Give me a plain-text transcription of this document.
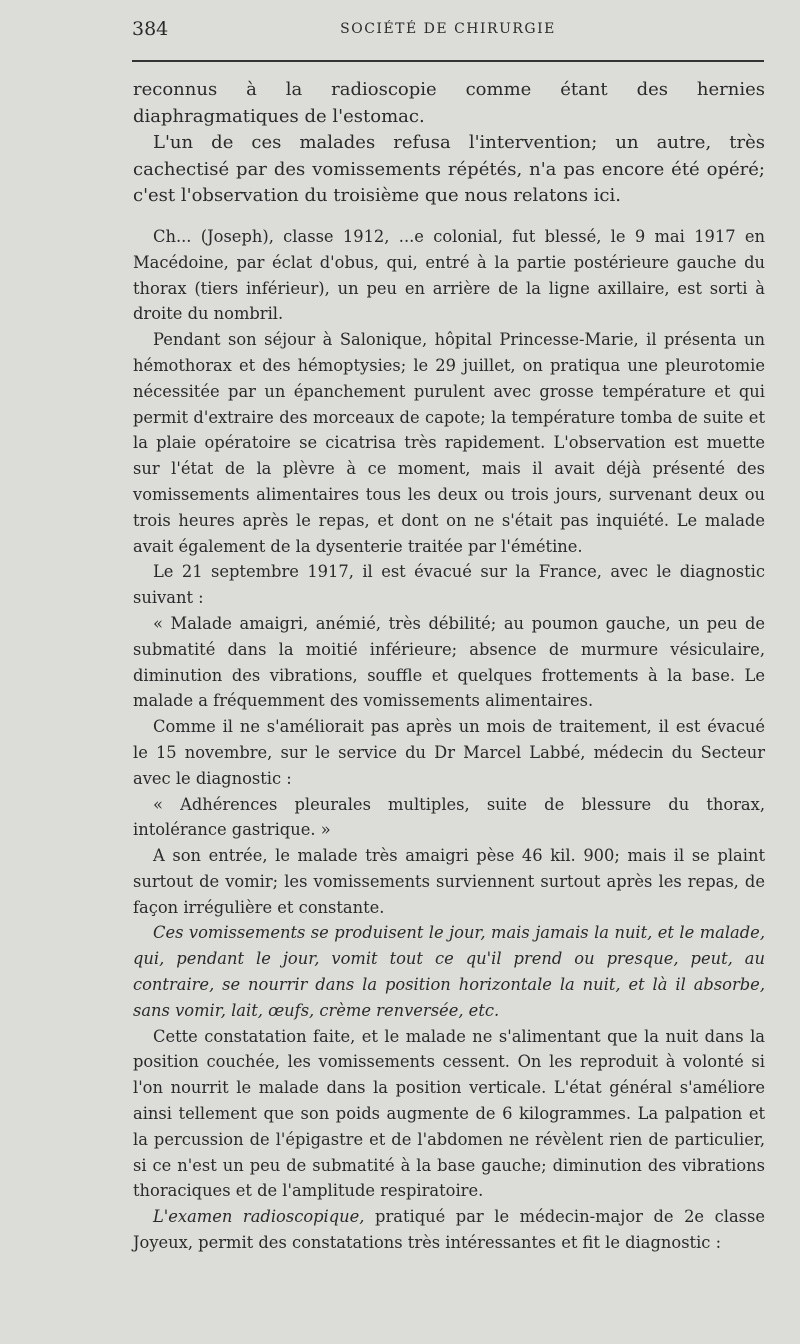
384	SOCIÉTÉ DE CHIRURGIE

reconnus à la radioscopie comme étant des hernies diaphragmatiques de l'estomac.

L'un de ces malades refusa l'intervention; un autre, très cachectisé par des vomissements répétés, n'a pas encore été opéré; c'est l'observation du troisième que nous relatons ici.

Ch... (Joseph), classe 1912, ...e colonial, fut blessé, le 9 mai 1917 en Macédoine, par éclat d'obus, qui, entré à la partie postérieure gauche du thorax (tiers inférieur), un peu en arrière de la ligne axillaire, est sorti à droite du nombril.

Pendant son séjour à Salonique, hôpital Princesse-Marie, il présenta un hémothorax et des hémoptysies; le 29 juillet, on pratiqua une pleurotomie nécessitée par un épanchement purulent avec grosse température et qui permit d'extraire des morceaux de capote; la température tomba de suite et la plaie opératoire se cicatrisa très rapidement. L'observation est muette sur l'état de la plèvre à ce moment, mais il avait déjà présenté des vomissements alimentaires tous les deux ou trois jours, survenant deux ou trois heures après le repas, et dont on ne s'était pas inquiété. Le malade avait également de la dysenterie traitée par l'émétine.

Le 21 septembre 1917, il est évacué sur la France, avec le diagnostic suivant :

« Malade amaigri, anémié, très débilité; au poumon gauche, un peu de submatité dans la moitié inférieure; absence de murmure vésiculaire, diminution des vibrations, souffle et quelques frottements à la base. Le malade a fréquemment des vomissements alimentaires.

Comme il ne s'améliorait pas après un mois de traitement, il est évacué le 15 novembre, sur le service du Dr Marcel Labbé, médecin du Secteur avec le diagnostic :

« Adhérences pleurales multiples, suite de blessure du thorax, intolérance gastrique. »

A son entrée, le malade très amaigri pèse 46 kil. 900; mais il se plaint surtout de vomir; les vomissements surviennent surtout après les repas, de façon irrégulière et constante.

Ces vomissements se produisent le jour, mais jamais la nuit, et le malade, qui, pendant le jour, vomit tout ce qu'il prend ou presque, peut, au contraire, se nourrir dans la position horizontale la nuit, et là il absorbe, sans vomir, lait, œufs, crème renversée, etc.

Cette constatation faite, et le malade ne s'alimentant que la nuit dans la position couchée, les vomissements cessent. On les reproduit à volonté si l'on nourrit le malade dans la position verticale. L'état général s'améliore ainsi tellement que son poids augmente de 6 kilogrammes. La palpation et la percussion de l'épigastre et de l'abdomen ne révèlent rien de particulier, si ce n'est un peu de submatité à la base gauche; diminution des vibrations thoraciques et de l'amplitude respiratoire.

L'examen radioscopique, pratiqué par le médecin-major de 2e classe Joyeux, permit des constatations très intéressantes et fit le diagnostic :
